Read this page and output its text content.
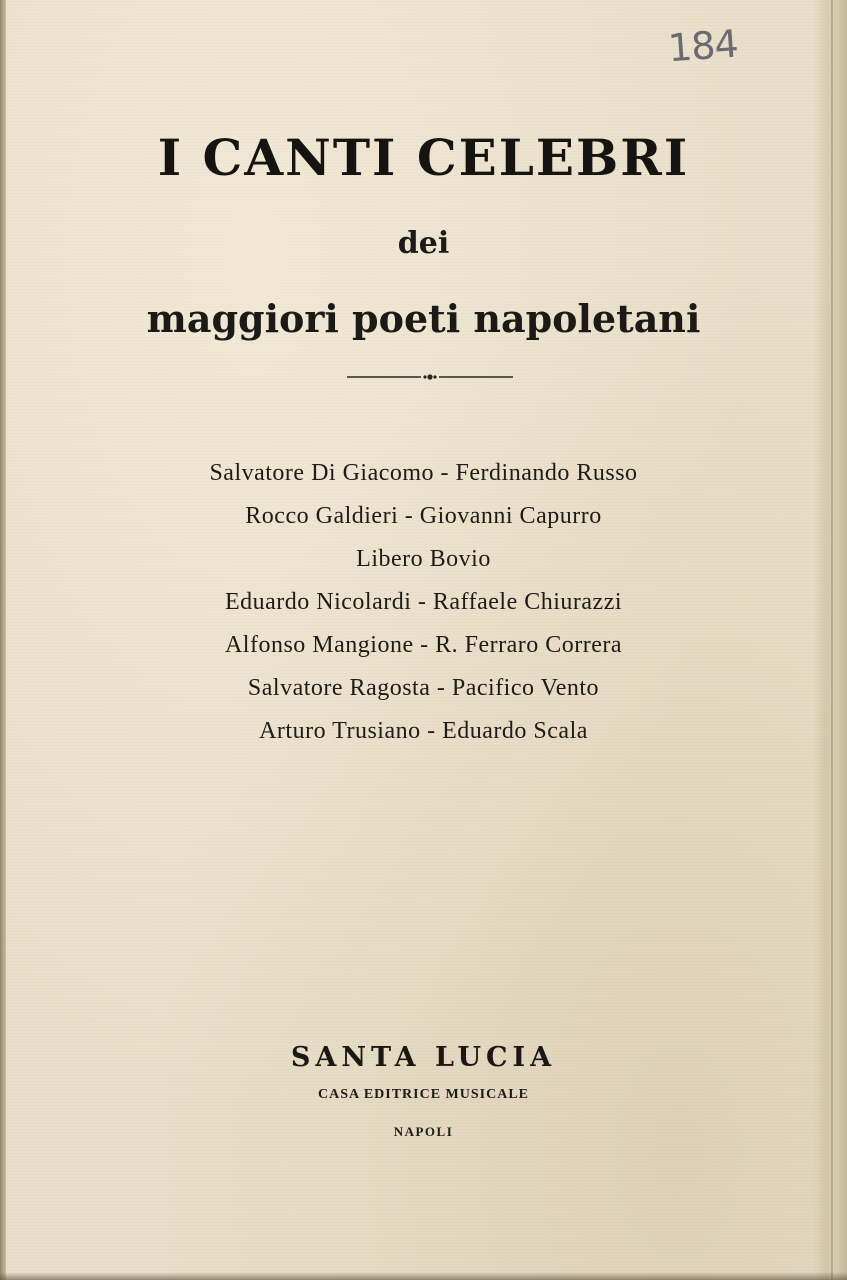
184
I CANTI CELEBRI
dei
maggiori poeti napoletani
Salvatore Di Giacomo - Ferdinando Russo
Rocco Galdieri - Giovanni Capurro
Libero Bovio
Eduardo Nicolardi - Raffaele Chiurazzi
Alfonso Mangione - R. Ferraro Correra
Salvatore Ragosta - Pacifico Vento
Arturo Trusiano - Eduardo Scala
SANTA LUCIA
CASA EDITRICE MUSICALE
NAPOLI
